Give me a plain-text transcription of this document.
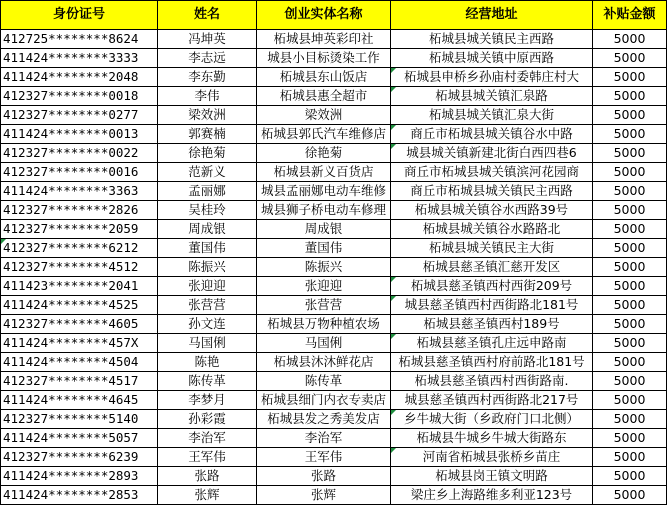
身份证号	姓名	创业实体名称	经营地址	补贴金额
412725********8624	冯坤英	柘城县坤英彩印社	柘城县城关镇民主西路	5000
411424********3333	李志远	城县小目标烫染工作	柘城县城关镇中原西路	5000
411424********2048	李东勤	柘城县东山饭店	柘城县申桥乡孙庙村委韩庄村大	5000
412327********0018	李伟	柘城县惠全超市	柘城县城关镇汇泉路	5000
412327********0277	梁效洲	梁效洲	柘城县城关镇汇泉大街	5000
411424********0013	郭赛楠	柘城县郭氏汽车维修店	商丘市柘城县城关镇谷水中路	5000
412327********0022	徐艳菊	徐艳菊	城县城关镇新建北街白西四巷6	5000
412327********0016	范新义	柘城县新义百货店	商丘市柘城县城关镇滨河花园商	5000
411424********3363	孟丽娜	城县孟丽娜电动车维修	商丘市柘城县城关镇民主西路	5000
412327********2826	吴桂玲	城县狮子桥电动车修理	柘城县城关镇谷水西路39号	5000
412327********2059	周成银	周成银	柘城县城关镇谷水路路北	5000
412327********6212	董国伟	董国伟	柘城县城关镇民主大街	5000
412327********4512	陈振兴	陈振兴	柘城县慈圣镇汇慈开发区	5000
411423********2041	张迎迎	张迎迎	柘城县慈圣镇西村西街209号	5000
411424********4525	张营营	张营营	城县慈圣镇西村西街路北181号	5000
412327********4605	孙文连	柘城县万物种植农场	柘城县慈圣镇西村189号	5000
411424********457X	马国俐	马国俐	柘城县慈圣镇孔庄远申路南	5000
411424********4504	陈艳	柘城县沐沐鲜花店	柘城县慈圣镇西村府前路北181号	5000
412327********4517	陈传革	陈传革	柘城县慈圣镇西村西街路南.	5000
411424********4645	李梦月	柘城县细门内衣专卖店	城县慈圣镇西村西街路北217号	5000
412327********5140	孙彩霞	柘城县发之秀美发店	乡牛城大街（乡政府门口北侧）	5000
411424********5057	李治军	李治军	柘城县牛城乡牛城大街路东	5000
412327********6239	王军伟	王军伟	河南省柘城县张桥乡苗庄	5000
411424********2893	张路	张路	柘城县岗王镇文明路	5000
411424********2853	张辉	张辉	梁庄乡上海路维多利亚123号	5000
